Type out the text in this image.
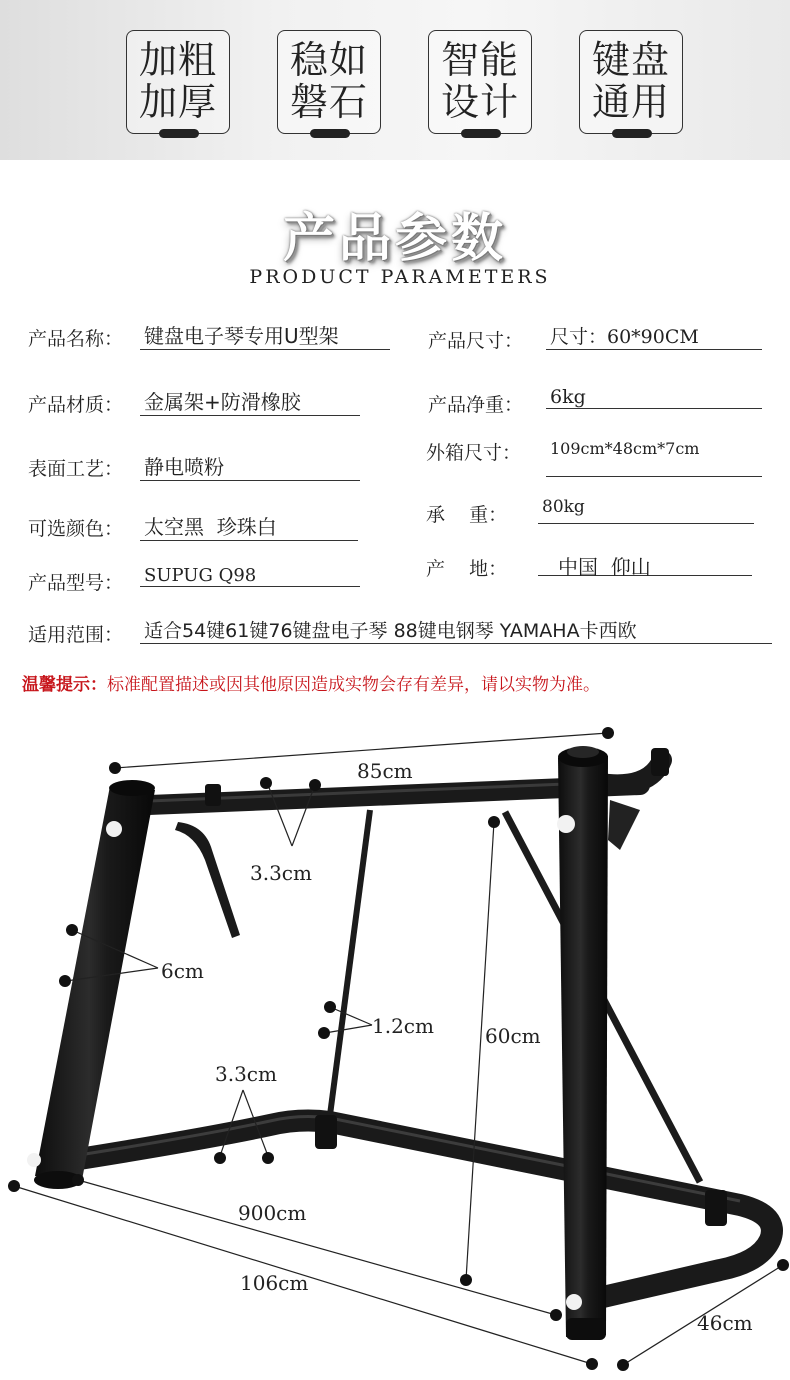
加粗
加厚
稳如
磐石
智能
设计
键盘
通用
产品参数
PRODUCT PARAMETERS
产品名称： 键盘电子琴专用U型架
产品材质： 金属架+防滑橡胶
表面工艺： 静电喷粉
可选颜色： 太空黑  珍珠白
产品型号： SUPUG Q98
产品尺寸： 尺寸：60*90CM
产品净重： 6kg
外箱尺寸： 109cm*48cm*7cm
承    重： 80kg
产    地：	中国  仰山
适用范围： 适合54键61键76键盘电子琴 88键电钢琴 YAMAHA卡西欧
温馨提示：标准配置描述或因其他原因造成实物会存有差异，请以实物为准。
85cm
3.3cm
6cm
1.2cm	60cm
3.3cm
900cm
106cm
46cm
